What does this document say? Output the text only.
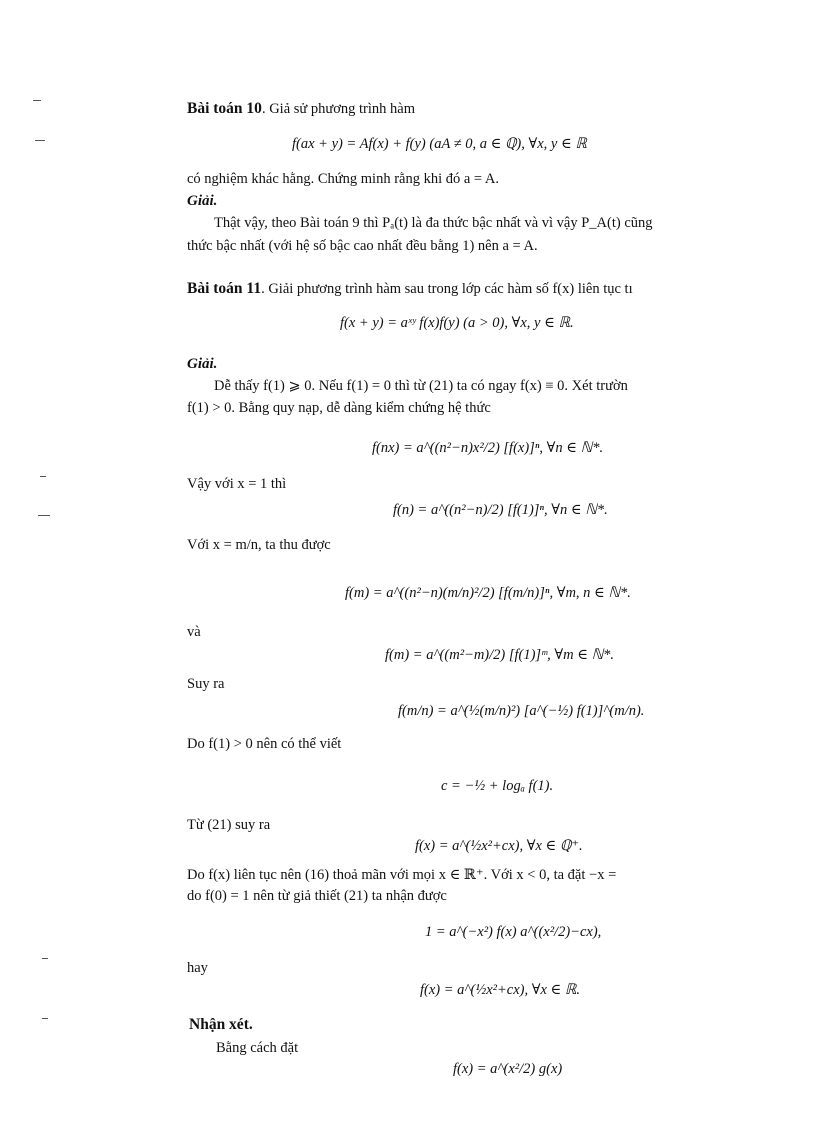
Bài toán 10. Giả sử phương trình hàm
f(ax + y) = Af(x) + f(y) (aA ≠ 0, a ∈ ℚ), ∀x, y ∈ ℝ
có nghiệm khác hằng. Chứng minh rằng khi đó a = A.
Giải.
Thật vậy, theo Bài toán 9 thì Pₐ(t) là đa thức bậc nhất và vì vậy P_A(t) cũng
thức bậc nhất (với hệ số bậc cao nhất đều bằng 1) nên a = A.
Bài toán 11. Giải phương trình hàm sau trong lớp các hàm số f(x) liên tục tı
f(x + y) = aˣʸ f(x)f(y) (a > 0), ∀x, y ∈ ℝ.
Giải.
Dễ thấy f(1) ⩾ 0. Nếu f(1) = 0 thì từ (21) ta có ngay f(x) ≡ 0. Xét trườn
f(1) > 0. Bằng quy nạp, dễ dàng kiểm chứng hệ thức
f(nx) = a^((n²−n)x²/2) [f(x)]ⁿ, ∀n ∈ ℕ*.
Vậy với x = 1 thì
f(n) = a^((n²−n)/2) [f(1)]ⁿ, ∀n ∈ ℕ*.
Với x = m/n, ta thu được
f(m) = a^((n²−n)(m/n)²/2) [f(m/n)]ⁿ, ∀m, n ∈ ℕ*.
và
f(m) = a^((m²−m)/2) [f(1)]ᵐ, ∀m ∈ ℕ*.
Suy ra
f(m/n) = a^(½(m/n)²) [a^(−½) f(1)]^(m/n).
Do f(1) > 0 nên có thể viết
c = −½ + logₐ f(1).
Từ (21) suy ra
f(x) = a^(½x²+cx), ∀x ∈ ℚ⁺.
Do f(x) liên tục nên (16) thoả mãn với mọi x ∈ ℝ⁺. Với x < 0, ta đặt −x =
do f(0) = 1 nên từ giả thiết (21) ta nhận được
1 = a^(−x²) f(x) a^((x²/2)−cx),
hay
f(x) = a^(½x²+cx), ∀x ∈ ℝ.
Nhận xét.
Bằng cách đặt
f(x) = a^(x²/2) g(x)
